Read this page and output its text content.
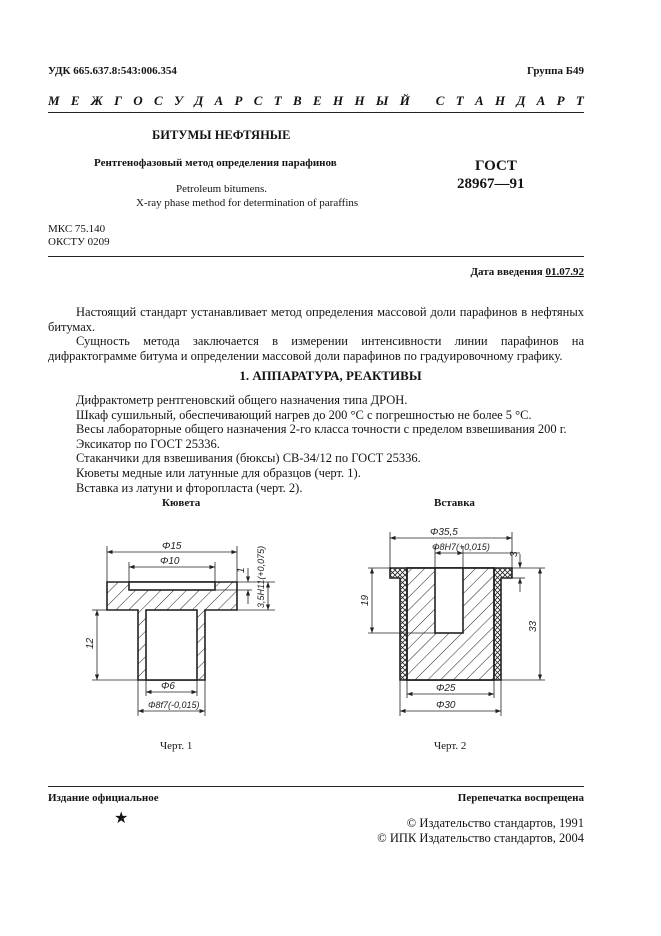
УДК 665.637.8:543:006.354	Группа Б49
М Е Ж Г О С У Д А Р С Т В Е Н Н Ы Й
С Т А Н Д А Р Т
БИТУМЫ НЕФТЯНЫЕ
Рентгенофазовый метод определения парафинов
Petroleum bitumens.
X-ray phase method for determination of paraffins
ГОСТ
28967—91
МКС 75.140
ОКСТУ 0209
Дата введения 01.07.92
Настоящий стандарт устанавливает метод определения массовой доли парафинов в нефтяных битумах.
Сущность метода заключается в измерении интенсивности линии парафинов на дифрактограмме битума и определении массовой доли парафинов по градуировочному графику.
1. АППАРАТУРА, РЕАКТИВЫ
Дифрактометр рентгеновский общего назначения типа ДРОН.
Шкаф сушильный, обеспечивающий нагрев до 200 °С с погрешностью не более 5 °С.
Весы лабораторные общего назначения 2-го класса точности с пределом взвешивания 200 г.
Эксикатор по ГОСТ 25336.
Стаканчики для взвешивания (бюксы) СВ-34/12 по ГОСТ 25336.
Кюветы медные или латунные для образцов (черт. 1).
Вставка из латуни и фторопласта (черт. 2).
Кювета	Вставка
Φ15
Φ10
1 3,5H11(+0,075)
12
Φ6
Φ8f7(-0,015)
Φ35,5
Φ8H7(+0,015)
3
19
33
Φ25
Φ30
Черт. 1	Черт. 2
Издание официальное	Перепечатка воспрещена
★	© Издательство стандартов, 1991
© ИПК Издательство стандартов, 2004
